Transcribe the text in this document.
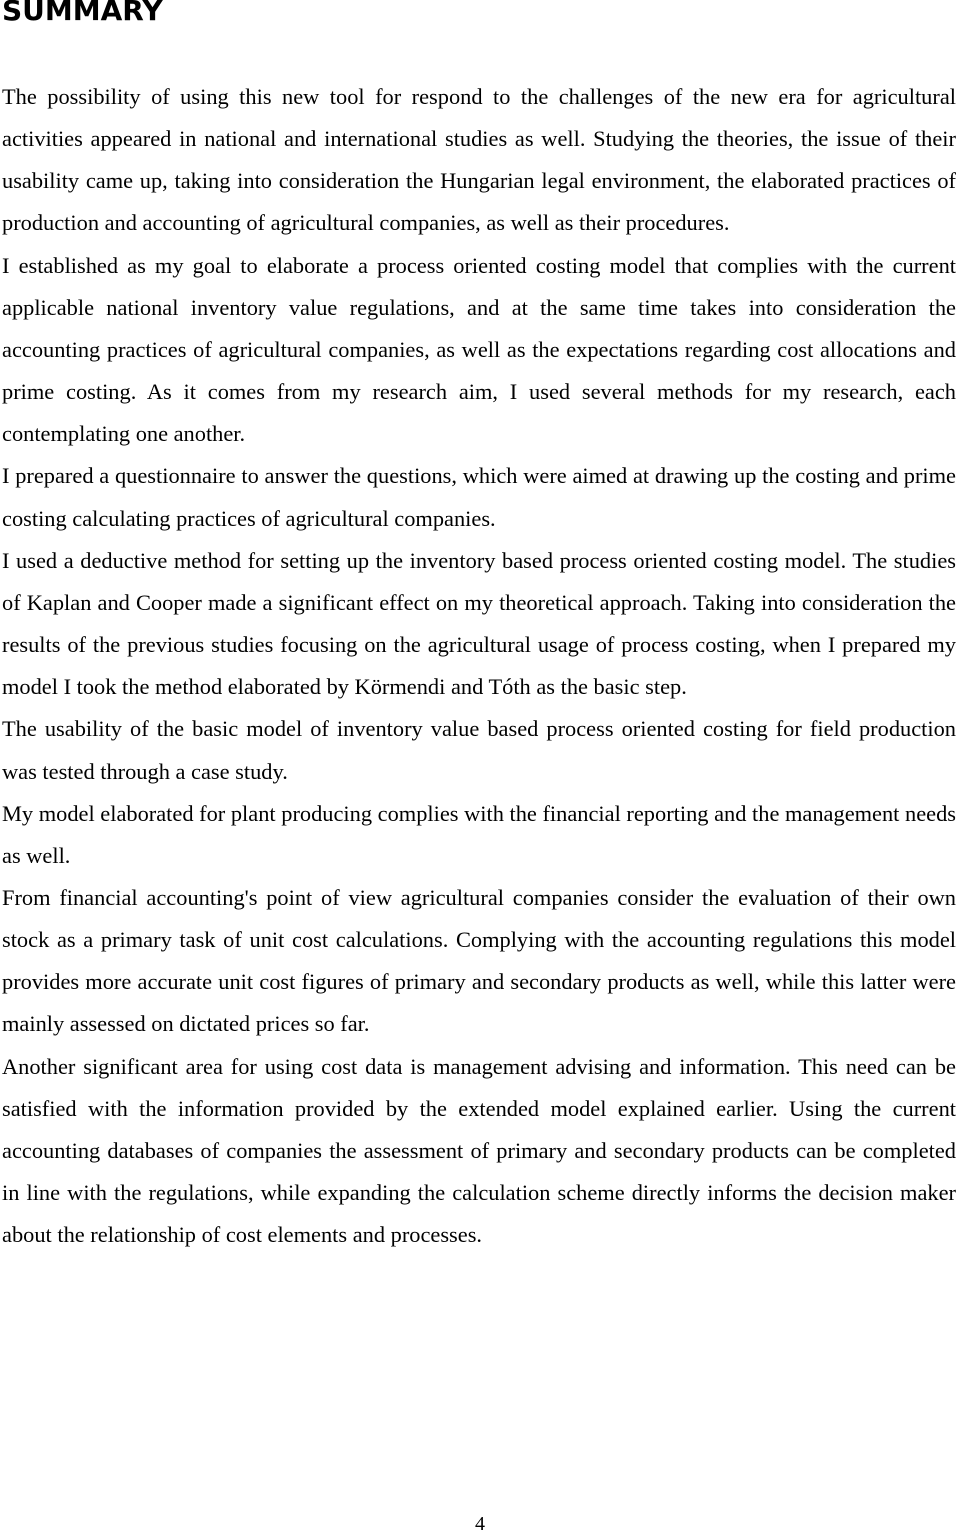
SUMMARY

The possibility of using this new tool for respond to the challenges of the new era for agricultural activities appeared in national and international studies as well. Studying the theories, the issue of their usability came up, taking into consideration the Hungarian legal environment, the elaborated practices of production and accounting of agricultural companies, as well as their procedures.

I established as my goal to elaborate a process oriented costing model that complies with the current applicable national inventory value regulations, and at the same time takes into consideration the accounting practices of agricultural companies, as well as the expectations regarding cost allocations and prime costing. As it comes from my research aim, I used several methods for my research, each contemplating one another.

I prepared a questionnaire to answer the questions, which were aimed at drawing up the costing and prime costing calculating practices of agricultural companies.

I used a deductive method for setting up the inventory based process oriented costing model. The studies of Kaplan and Cooper made a significant effect on my theoretical approach. Taking into consideration the results of the previous studies focusing on the agricultural usage of process costing, when I prepared my model I took the method elaborated by Körmendi and Tóth as the basic step.

The usability of the basic model of inventory value based process oriented costing for field production was tested through a case study.

My model elaborated for plant producing complies with the financial reporting and the management needs as well.

From financial accounting's point of view agricultural companies consider the evaluation of their own stock as a primary task of unit cost calculations. Complying with the accounting regulations this model provides more accurate unit cost figures of primary and secondary products as well, while this latter were mainly assessed on dictated prices so far.

Another significant area for using cost data is management advising and information. This need can be satisfied with the information provided by the extended model explained earlier. Using the current accounting databases of companies the assessment of primary and secondary products can be completed in line with the regulations, while expanding the calculation scheme directly informs the decision maker about the relationship of cost elements and processes.

4
